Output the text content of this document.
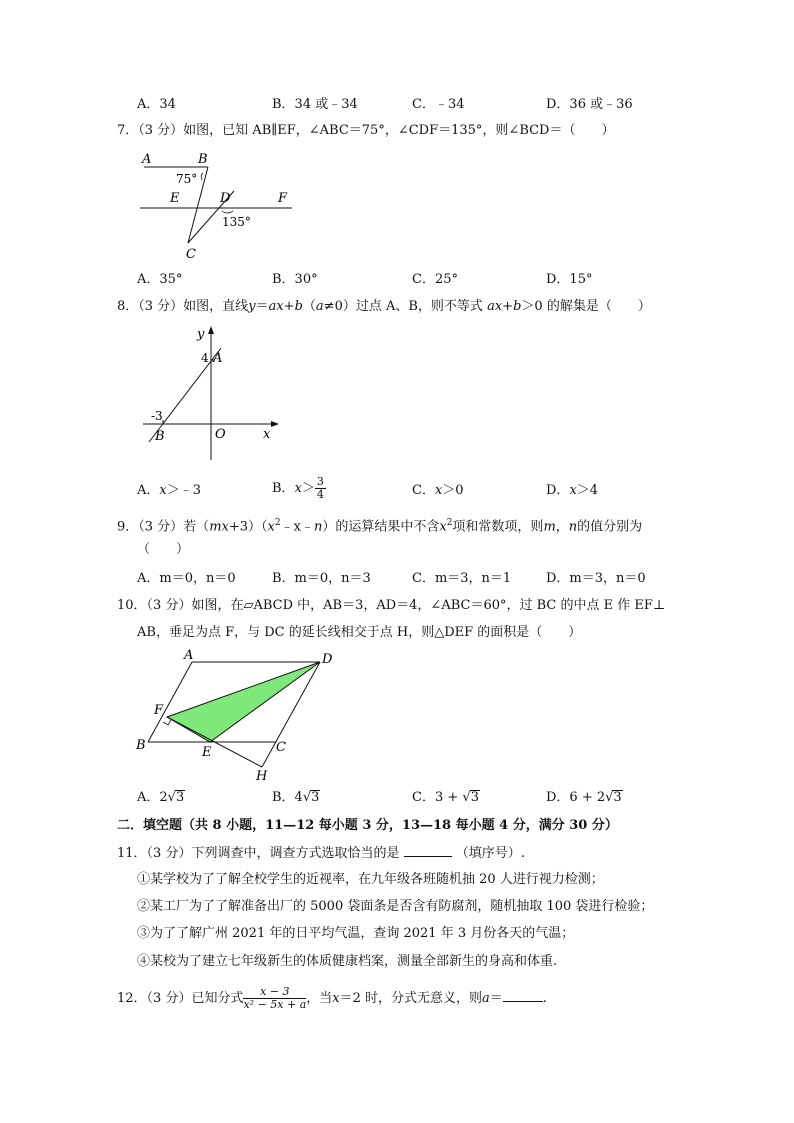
A．34	B．34 或﹣34	C．﹣34	D．36 或﹣36
7．（3 分）如图，已知 AB∥EF，∠ABC＝75°，∠CDF＝135°，则∠BCD＝（　　）
A	B
E	D	F
C
75°
135°
A．35°	B．30°	C．25°	D．15°
8．（3 分）如图，直线y＝ax+b（a≠0）过点 A、B，则不等式 ax+b＞0 的解集是（　　）
y
x
O
A
B
4
-3
A．x＞﹣3	B．$x> \frac{3}{4}$	C．x＞0	D．x＞4
9．（3 分）若$(mx+3)(x^2﹣x﹣n)$的运算结果中不含$x^2$项和常数项，则m，n的值分别为
（　　）
A．m＝0，n＝0	B．m＝0，n＝3	C．m＝3，n＝1	D．m＝3，n＝0
10．（3 分）如图，在▱ABCD 中，AB＝3，AD＝4，∠ABC＝60°，过 BC 的中点 E 作 EF⊥
AB，垂足为点 F，与 DC 的延长线相交于点 H，则△DEF 的面积是（　　）
A	D
F
B	E	C
H
A．2√3	B．4√3	C．3 + √3	D．6 + 2√3
二．填空题（共 8 小题，11—12 每小题 3 分，13—18 每小题 4 分，满分 30 分）
11．（3 分）下列调查中，调查方式选取恰当的是	（填序号）.
①某学校为了了解全校学生的近视率，在九年级各班随机抽 20 人进行视力检测；
②某工厂为了了解准备出厂的 5000 袋面条是否含有防腐剂，随机抽取 100 袋进行检验；
③为了了解广州 2021 年的日平均气温，查询 2021 年 3 月份各天的气温；
④某校为了建立七年级新生的体质健康档案，测量全部新生的身高和体重.
12．（3 分）已知分式 $\frac{x - 3}{\text{x² − 5x + a}}$ ，当x＝2 时，分式无意义，则a＝	.
